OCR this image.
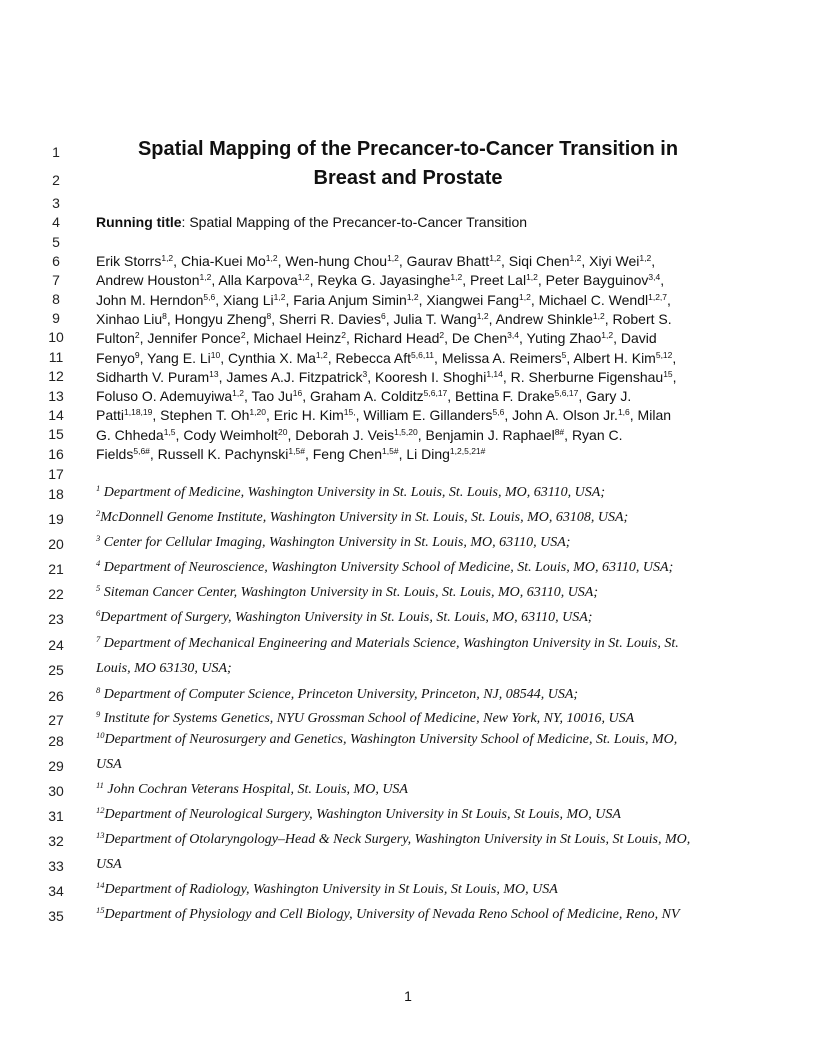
1
2
3
4
5
6
7
8
9
10
11
12
13
14
15
16
17
18
19
20
21
22
23
24
25
26
27
28
29
30
31
32
33
34
35
Spatial Mapping of the Precancer-to-Cancer Transition in
Breast and Prostate
Running title: Spatial Mapping of the Precancer-to-Cancer Transition
Erik Storrs$^{1,2}$, Chia-Kuei Mo$^{1,2}$, Wen-hung Chou$^{1,2}$, Gaurav Bhatt$^{1,2}$, Siqi Chen$^{1,2}$, Xiyi Wei$^{1,2}$,
Andrew Houston$^{1,2}$, Alla Karpova$^{1,2}$, Reyka G. Jayasinghe$^{1,2}$, Preet Lal$^{1,2}$, Peter Bayguinov$^{3,4}$,
John M. Herndon$^{5,6}$, Xiang Li$^{1,2}$, Faria Anjum Simin$^{1,2}$, Xiangwei Fang$^{1,2}$, Michael C. Wendl$^{1,2,7}$,
Xinhao Liu$^8$, Hongyu Zheng$^8$, Sherri R. Davies$^6$, Julia T. Wang$^{1,2}$, Andrew Shinkle$^{1,2}$, Robert S.
Fulton$^2$, Jennifer Ponce$^2$, Michael Heinz$^2$, Richard Head$^2$, De Chen$^{3,4}$, Yuting Zhao$^{1,2}$, David
Fenyo$^9$, Yang E. Li$^{10}$, Cynthia X. Ma$^{1,2}$, Rebecca Aft$^{5,6,11}$, Melissa A. Reimers$^5$, Albert H. Kim$^{5,12}$,
Sidharth V. Puram$^{13}$, James A.J. Fitzpatrick$^3$, Kooresh I. Shoghi$^{1,14}$, R. Sherburne Figenshau$^{15}$,
Foluso O. Ademuyiwa$^{1,2}$, Tao Ju$^{16}$, Graham A. Colditz$^{5,6,17}$, Bettina F. Drake$^{5,6,17}$, Gary J.
Patti$^{1,18,19}$, Stephen T. Oh$^{1,20}$, Eric H. Kim$^{15,}$, William E. Gillanders$^{5,6}$, John A. Olson Jr.$^{1,6}$, Milan
G. Chheda$^{1,5}$, Cody Weimholt$^{20}$, Deborah J. Veis$^{1,5,20}$, Benjamin J. Raphael$^{8\#}$, Ryan C.
Fields$^{5,6\#}$, Russell K. Pachynski$^{1,5\#}$, Feng Chen$^{1,5\#}$, Li Ding$^{1,2,5,21\#}$
$^1$ Department of Medicine, Washington University in St. Louis, St. Louis, MO, 63110, USA;
$^2$McDonnell Genome Institute, Washington University in St. Louis, St. Louis, MO, 63108, USA;
$^3$ Center for Cellular Imaging, Washington University in St. Louis, MO, 63110, USA;
$^4$ Department of Neuroscience, Washington University School of Medicine, St. Louis, MO, 63110, USA;
$^5$ Siteman Cancer Center, Washington University in St. Louis, St. Louis, MO, 63110, USA;
$^6$Department of Surgery, Washington University in St. Louis, St. Louis, MO, 63110, USA;
$^7$ Department of Mechanical Engineering and Materials Science, Washington University in St. Louis, St.
Louis, MO 63130, USA;
$^8$ Department of Computer Science, Princeton University, Princeton, NJ, 08544, USA;
$^9$ Institute for Systems Genetics, NYU Grossman School of Medicine, New York, NY, 10016, USA
$^{10}$Department of Neurosurgery and Genetics, Washington University School of Medicine, St. Louis, MO,
USA
$^{11}$ John Cochran Veterans Hospital, St. Louis, MO, USA
$^{12}$Department of Neurological Surgery, Washington University in St Louis, St Louis, MO, USA
$^{13}$Department of Otolaryngology–Head & Neck Surgery, Washington University in St Louis, St Louis, MO,
USA
$^{14}$Department of Radiology, Washington University in St Louis, St Louis, MO, USA
$^{15}$Department of Physiology and Cell Biology, University of Nevada Reno School of Medicine, Reno, NV
1
